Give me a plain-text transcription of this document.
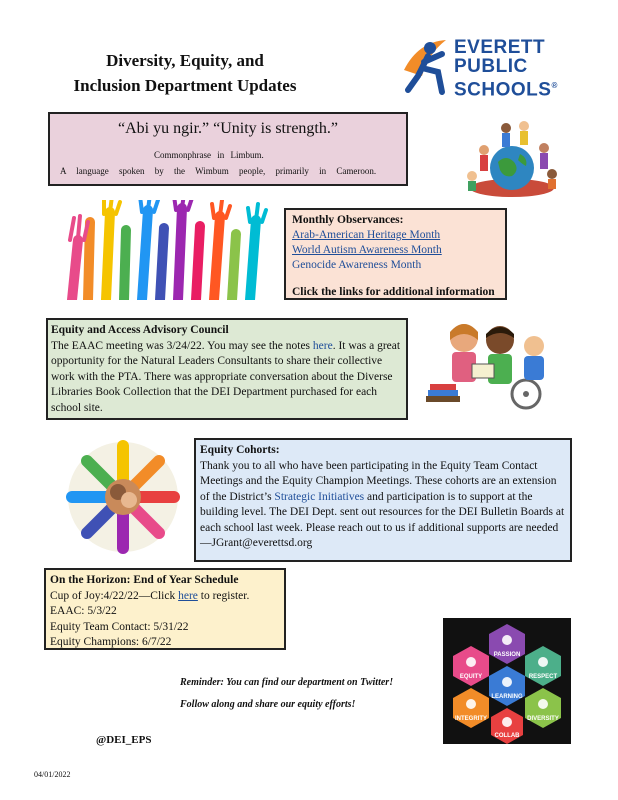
Diversity, Equity, and
Inclusion Department Updates
EVERETT
PUBLIC
SCHOOLS®
“Abi yu ngir.” “Unity is strength.”
Commonphrase in Limbum.
A language spoken by the Wimbum people, primarily in Cameroon.
Monthly Observances:
Arab-American Heritage Month
World Autism Awareness Month
Genocide Awareness Month
Click the links for additional information
Equity and Access Advisory Council
The EAAC meeting was 3/24/22. You may see the notes here. It was a great opportunity for the Natural Leaders Consultants to share their collective work with the PTA. There was appropriate conversation about the Diverse Libraries Book Collection that the DEI Department purchased for each school site.
Equity Cohorts:
Thank you to all who have been participating in the Equity Team Contact Meetings and the Equity Champion Meetings. These cohorts are an extension of the District’s Strategic Initiatives and participation is to support at the building level. The DEI Dept. sent out resources for the DEI Bulletin Boards at each school last week. Please reach out to us if additional supports are needed—JGrant@everettsd.org
On the Horizon: End of Year Schedule
Cup of Joy:4/22/22—Click here to register.
EAAC: 5/3/22
Equity Team Contact: 5/31/22
Equity Champions: 6/7/22
PASSION
EQUITY	RESPECT
LEARNING
INTEGRITY	DIVERSITY
COLLAB
Reminder: You can find our department on Twitter!
Follow along and share our equity efforts!
@DEI_EPS
04/01/2022
